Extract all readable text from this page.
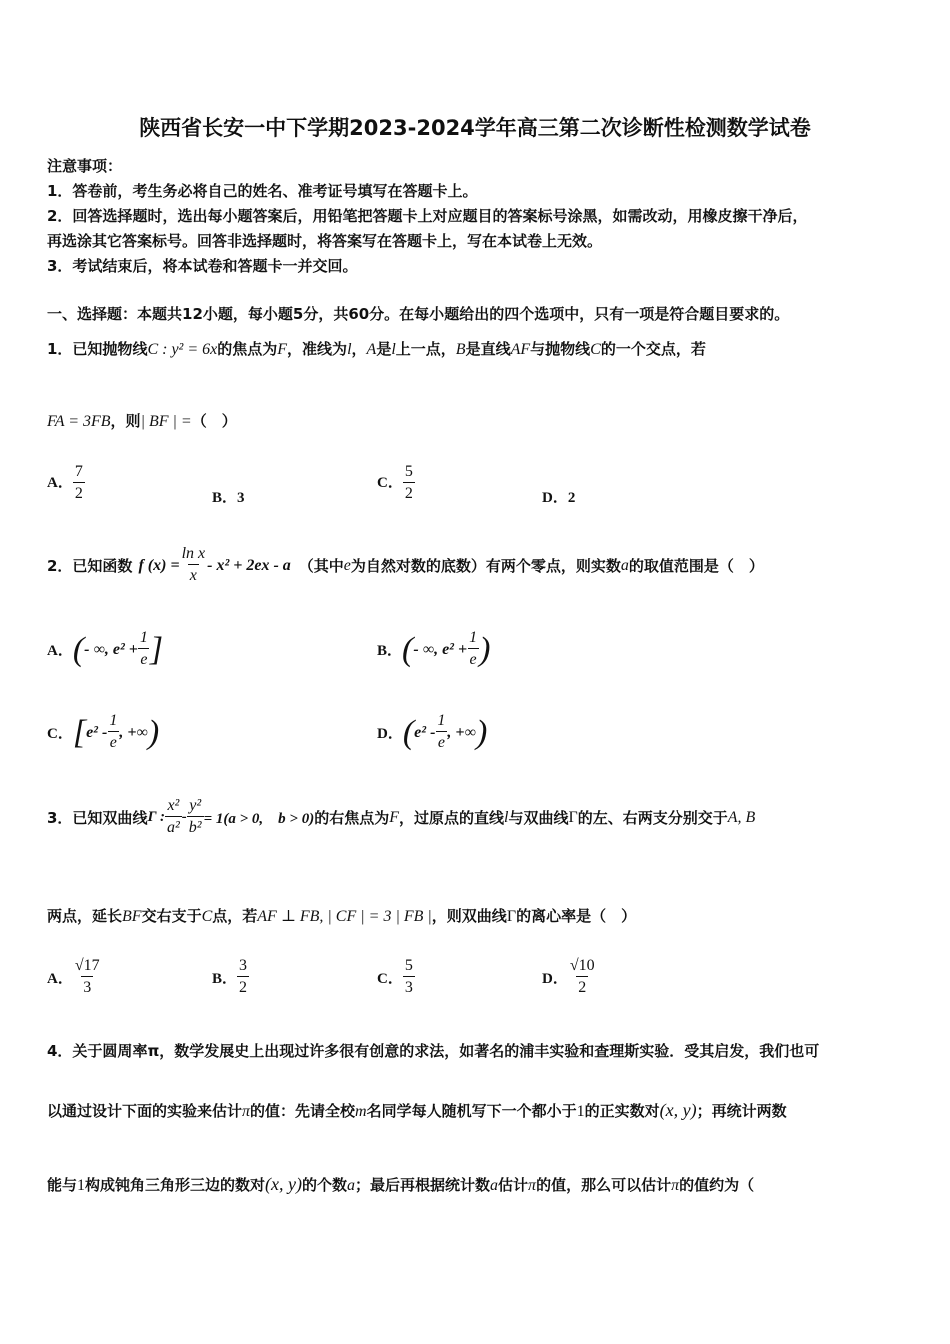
陕西省长安一中下学期2023-2024学年高三第二次诊断性检测数学试卷
注意事项：
1．答卷前，考生务必将自己的姓名、准考证号填写在答题卡上。
2．回答选择题时，选出每小题答案后，用铅笔把答题卡上对应题目的答案标号涂黑，如需改动，用橡皮擦干净后，
再选涂其它答案标号。回答非选择题时，将答案写在答题卡上，写在本试卷上无效。
3．考试结束后，将本试卷和答题卡一并交回。
一、选择题：本题共12小题，每小题5分，共60分。在每小题给出的四个选项中，只有一项是符合题目要求的。
1．已知抛物线C : y² = 6x的焦点为F，准线为l，A是l上一点，B是直线AF与抛物线C的一个交点，若
FA = 3FB，则| BF | =（　）
A． $\frac{7}{2}$	B．3
C． $\frac{5}{2}$	D．2
2．已知函数 f $(x) = \frac{\text{ln x}}{x} - x^2 + 2ex - a$ （其中 e 为自然对数的底数）有两个零点，则实数 a 的取值范围是（　）
A． ( - ∞, $e^2 + \frac{1}{e}$ ]	B． ( - ∞, $e^2 + \frac{1}{e}$ )
C． [ $e^2 - \frac{1}{e}$ , +∞ )	D． ( $e^2 - \frac{1}{e}$ , +∞ )
3．已知双曲线 Γ : $\frac{\text{x²}}{\text{a²}} - \frac{\text{y²}}{\text{b²}} = 1(a > 0$,　b > 0) 的右焦点为 F ，过原点的直线 l 与双曲线 Γ 的左、右两支分别交于 A, B
两点，延长BF交右支于C点，若AF ⊥ FB, | CF | = 3 | FB |，则双曲线Γ的离心率是（　）
A． $\frac{√17}{3}$	B． $\frac{3}{2}$	C． $\frac{5}{3}$	D． $\frac{√10}{2}$
4．关于圆周率π，数学发展史上出现过许多很有创意的求法，如著名的浦丰实验和查理斯实验．受其启发，我们也可
以通过设计下面的实验来估计π的值：先请全校m名同学每人随机写下一个都小于1的正实数对(x, y)；再统计两数
能与1构成钝角三角形三边的数对(x, y)的个数a；最后再根据统计数a估计π的值，那么可以估计π的值约为（
